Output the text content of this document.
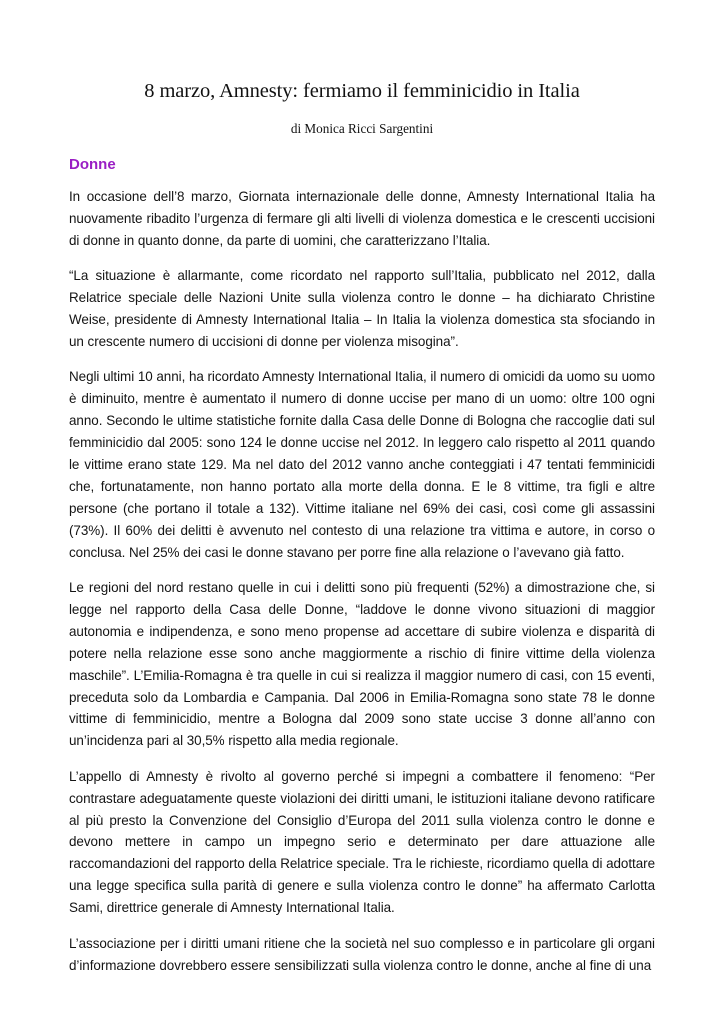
8 marzo, Amnesty: fermiamo il femminicidio in Italia
di Monica Ricci Sargentini
Donne

In occasione dell’8 marzo, Giornata internazionale delle donne, Amnesty International Italia ha nuovamente ribadito l’urgenza di fermare gli alti livelli di violenza domestica e le crescenti uccisioni di donne in quanto donne, da parte di uomini, che caratterizzano l’Italia.

“La situazione è allarmante, come ricordato nel rapporto sull’Italia, pubblicato nel 2012, dalla Relatrice speciale delle Nazioni Unite sulla violenza contro le donne – ha dichiarato Christine Weise, presidente di Amnesty International Italia – In Italia la violenza domestica sta sfociando in un crescente numero di uccisioni di donne per violenza misogina”.

Negli ultimi 10 anni, ha ricordato Amnesty International Italia, il numero di omicidi da uomo su uomo è diminuito, mentre è aumentato il numero di donne uccise per mano di un uomo: oltre 100 ogni anno. Secondo le ultime statistiche fornite dalla Casa delle Donne di Bologna che raccoglie dati sul femminicidio dal 2005: sono 124 le donne uccise nel 2012. In leggero calo rispetto al 2011 quando le vittime erano state 129. Ma nel dato del 2012 vanno anche conteggiati i 47 tentati femminicidi che, fortunatamente, non hanno portato alla morte della donna. E le 8 vittime, tra figli e altre persone (che portano il totale a 132). Vittime italiane nel 69% dei casi, così come gli assassini (73%). Il 60% dei delitti è avvenuto nel contesto di una relazione tra vittima e autore, in corso o conclusa. Nel 25% dei casi le donne stavano per porre fine alla relazione o l’avevano già fatto.

Le regioni del nord restano quelle in cui i delitti sono più frequenti (52%) a dimostrazione che, si legge nel rapporto della Casa delle Donne, “laddove le donne vivono situazioni di maggior autonomia e indipendenza, e sono meno propense ad accettare di subire violenza e disparità di potere nella relazione esse sono anche maggiormente a rischio di finire vittime della violenza maschile”. L’Emilia-Romagna è tra quelle in cui si realizza il maggior numero di casi, con 15 eventi, preceduta solo da Lombardia e Campania. Dal 2006 in Emilia-Romagna sono state 78 le donne vittime di femminicidio, mentre a Bologna dal 2009 sono state uccise 3 donne all’anno con un’incidenza pari al 30,5% rispetto alla media regionale.

L’appello di Amnesty è rivolto al governo perché si impegni a combattere il fenomeno: “Per contrastare adeguatamente queste violazioni dei diritti umani, le istituzioni italiane devono ratificare al più presto la Convenzione del Consiglio d’Europa del 2011 sulla violenza contro le donne e devono mettere in campo un impegno serio e determinato per dare attuazione alle raccomandazioni del rapporto della Relatrice speciale. Tra le richieste, ricordiamo quella di adottare una legge specifica sulla parità di genere e sulla violenza contro le donne” ha affermato Carlotta Sami, direttrice generale di Amnesty International Italia.

L’associazione per i diritti umani ritiene che la società nel suo complesso e in particolare gli organi d’informazione dovrebbero essere sensibilizzati sulla violenza contro le donne, anche al fine di una
